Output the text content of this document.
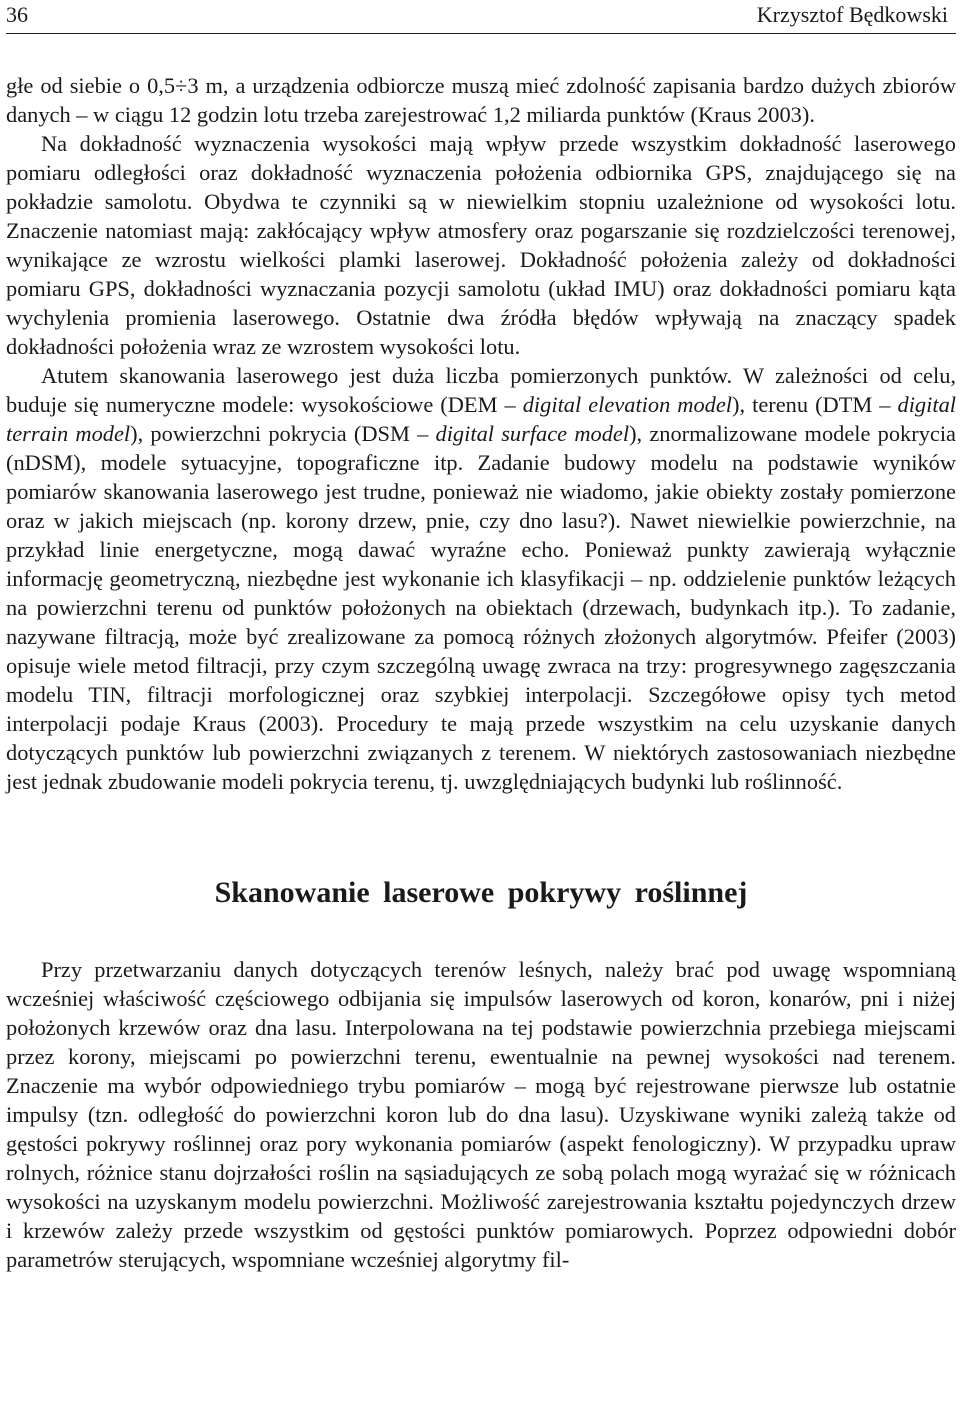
36	Krzysztof Będkowski

głe od siebie o 0,5÷3 m, a urządzenia odbiorcze muszą mieć zdolność zapisania bardzo dużych zbiorów danych – w ciągu 12 godzin lotu trzeba zarejestrować 1,2 miliarda punktów (Kraus 2003).

Na dokładność wyznaczenia wysokości mają wpływ przede wszystkim dokładność laserowego pomiaru odległości oraz dokładność wyznaczenia położenia odbiornika GPS, znajdującego się na pokładzie samolotu. Obydwa te czynniki są w niewielkim stopniu uzależnione od wysokości lotu. Znaczenie natomiast mają: zakłócający wpływ atmosfery oraz pogarszanie się rozdzielczości terenowej, wynikające ze wzrostu wielkości plamki laserowej. Dokładność położenia zależy od dokładności pomiaru GPS, dokładności wyznaczania pozycji samolotu (układ IMU) oraz dokładności pomiaru kąta wychylenia promienia laserowego. Ostatnie dwa źródła błędów wpływają na znaczący spadek dokładności położenia wraz ze wzrostem wysokości lotu.

Atutem skanowania laserowego jest duża liczba pomierzonych punktów. W zależności od celu, buduje się numeryczne modele: wysokościowe (DEM – digital elevation model), terenu (DTM – digital terrain model), powierzchni pokrycia (DSM – digital surface model), znormalizowane modele pokrycia (nDSM), modele sytuacyjne, topograficzne itp. Zadanie budowy modelu na podstawie wyników pomiarów skanowania laserowego jest trudne, ponieważ nie wiadomo, jakie obiekty zostały pomierzone oraz w jakich miejscach (np. korony drzew, pnie, czy dno lasu?). Nawet niewielkie powierzchnie, na przykład linie energetyczne, mogą dawać wyraźne echo. Ponieważ punkty zawierają wyłącznie informację geometryczną, niezbędne jest wykonanie ich klasyfikacji – np. oddzielenie punktów leżących na powierzchni terenu od punktów położonych na obiektach (drzewach, budynkach itp.). To zadanie, nazywane filtracją, może być zrealizowane za pomocą różnych złożonych algorytmów. Pfeifer (2003) opisuje wiele metod filtracji, przy czym szczególną uwagę zwraca na trzy: progresywnego zagęszczania modelu TIN, filtracji morfologicznej oraz szybkiej interpolacji. Szczegółowe opisy tych metod interpolacji podaje Kraus (2003). Procedury te mają przede wszystkim na celu uzyskanie danych dotyczących punktów lub powierzchni związanych z terenem. W niektórych zastosowaniach niezbędne jest jednak zbudowanie modeli pokrycia terenu, tj. uwzględniających budynki lub roślinność.

Skanowanie laserowe pokrywy roślinnej

Przy przetwarzaniu danych dotyczących terenów leśnych, należy brać pod uwagę wspomnianą wcześniej właściwość częściowego odbijania się impulsów laserowych od koron, konarów, pni i niżej położonych krzewów oraz dna lasu. Interpolowana na tej podstawie powierzchnia przebiega miejscami przez korony, miejscami po powierzchni terenu, ewentualnie na pewnej wysokości nad terenem. Znaczenie ma wybór odpowiedniego trybu pomiarów – mogą być rejestrowane pierwsze lub ostatnie impulsy (tzn. odległość do powierzchni koron lub do dna lasu). Uzyskiwane wyniki zależą także od gęstości pokrywy roślinnej oraz pory wykonania pomiarów (aspekt fenologiczny). W przypadku upraw rolnych, różnice stanu dojrzałości roślin na sąsiadujących ze sobą polach mogą wyrażać się w różnicach wysokości na uzyskanym modelu powierzchni. Możliwość zarejestrowania kształtu pojedynczych drzew i krzewów zależy przede wszystkim od gęstości punktów pomiarowych. Poprzez odpowiedni dobór parametrów sterujących, wspomniane wcześniej algorytmy fil-
